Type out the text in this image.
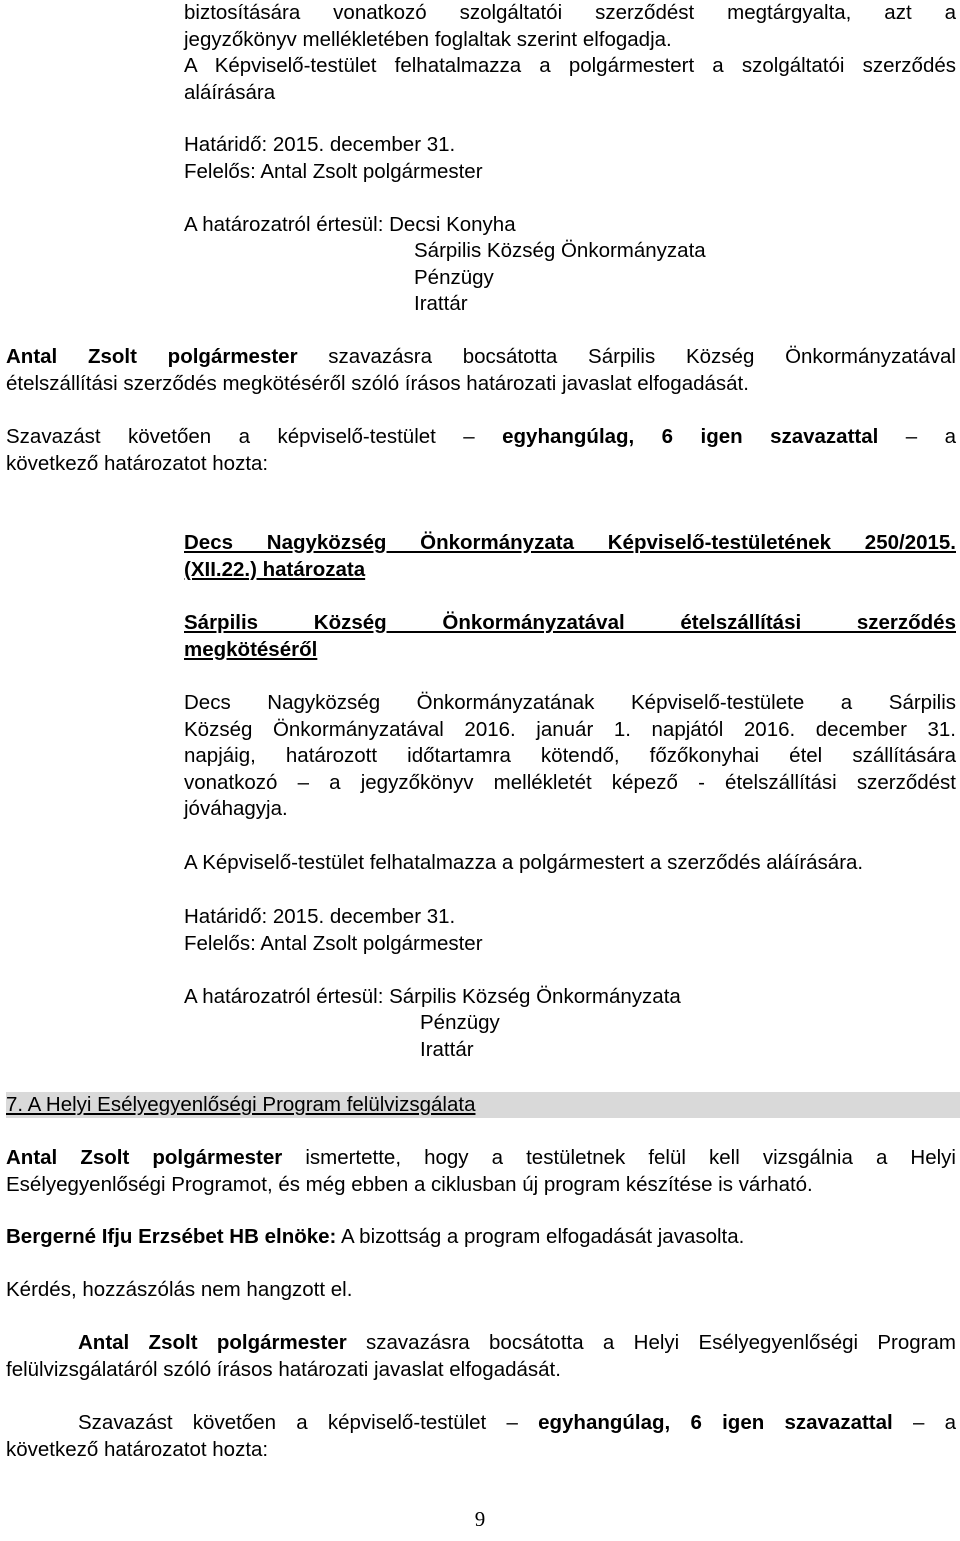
biztosítására vonatkozó szolgáltatói szerződést megtárgyalta, azt a

jegyzőkönyv mellékletében foglaltak szerint elfogadja.

A Képviselő-testület felhatalmazza a polgármestert a szolgáltatói szerződés

aláírására

Határidő: 2015. december 31.

Felelős: Antal Zsolt polgármester

A határozatról értesül: Decsi Konyha

Sárpilis Község Önkormányzata

Pénzügy

Irattár

Antal Zsolt polgármester szavazásra bocsátotta Sárpilis Község Önkormányzatával

ételszállítási szerződés megkötéséről szóló írásos határozati javaslat elfogadását.

Szavazást követően a képviselő-testület – egyhangúlag, 6 igen szavazattal – a

következő határozatot hozta:

Decs Nagyközség Önkormányzata Képviselő-testületének 250/2015.

(XII.22.) határozata

Sárpilis Község Önkormányzatával ételszállítási szerződés

megkötéséről

Decs Nagyközség Önkormányzatának Képviselő-testülete a Sárpilis

Község Önkormányzatával 2016. január 1. napjától 2016. december 31.

napjáig, határozott időtartamra kötendő, főzőkonyhai étel szállítására

vonatkozó – a jegyzőkönyv mellékletét képező - ételszállítási szerződést

jóváhagyja.

A Képviselő-testület felhatalmazza a polgármestert a szerződés aláírására.

Határidő: 2015. december 31.

Felelős: Antal Zsolt polgármester

A határozatról értesül: Sárpilis Község Önkormányzata

Pénzügy

Irattár

7. A Helyi Esélyegyenlőségi Program felülvizsgálata

Antal Zsolt polgármester ismertette, hogy a testületnek felül kell vizsgálnia a Helyi

Esélyegyenlőségi Programot, és még ebben a ciklusban új program készítése is várható.

Bergerné Ifju Erzsébet HB elnöke: A bizottság a program elfogadását javasolta.

Kérdés, hozzászólás nem hangzott el.

Antal Zsolt polgármester szavazásra bocsátotta a Helyi Esélyegyenlőségi Program

felülvizsgálatáról szóló írásos határozati javaslat elfogadását.

Szavazást követően a képviselő-testület – egyhangúlag, 6 igen szavazattal – a

következő határozatot hozta:

9
